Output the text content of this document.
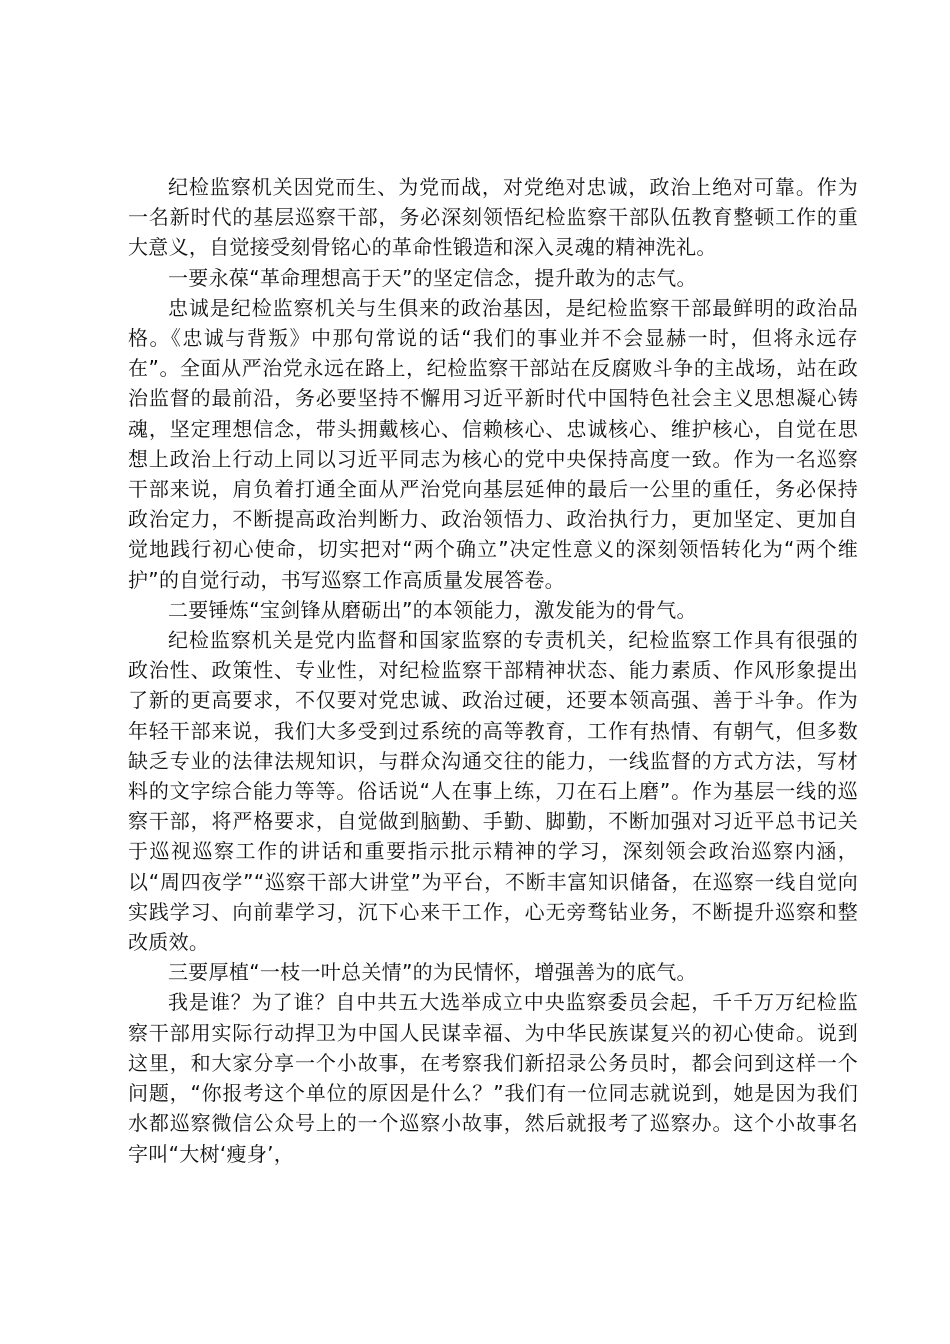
纪检监察机关因党而生、为党而战，对党绝对忠诚，政治上绝对可靠。作为一名新时代的基层巡察干部，务必深刻领悟纪检监察干部队伍教育整顿工作的重大意义，自觉接受刻骨铭心的革命性锻造和深入灵魂的精神洗礼。

一要永葆“革命理想高于天”的坚定信念，提升敢为的志气。

忠诚是纪检监察机关与生俱来的政治基因，是纪检监察干部最鲜明的政治品格。《忠诚与背叛》中那句常说的话“我们的事业并不会显赫一时，但将永远存在”。全面从严治党永远在路上，纪检监察干部站在反腐败斗争的主战场，站在政治监督的最前沿，务必要坚持不懈用习近平新时代中国特色社会主义思想凝心铸魂，坚定理想信念，带头拥戴核心、信赖核心、忠诚核心、维护核心，自觉在思想上政治上行动上同以习近平同志为核心的党中央保持高度一致。作为一名巡察干部来说，肩负着打通全面从严治党向基层延伸的最后一公里的重任，务必保持政治定力，不断提高政治判断力、政治领悟力、政治执行力，更加坚定、更加自觉地践行初心使命，切实把对“两个确立”决定性意义的深刻领悟转化为“两个维护”的自觉行动，书写巡察工作高质量发展答卷。

二要锤炼“宝剑锋从磨砺出”的本领能力，激发能为的骨气。

纪检监察机关是党内监督和国家监察的专责机关，纪检监察工作具有很强的政治性、政策性、专业性，对纪检监察干部精神状态、能力素质、作风形象提出了新的更高要求，不仅要对党忠诚、政治过硬，还要本领高强、善于斗争。作为年轻干部来说，我们大多受到过系统的高等教育，工作有热情、有朝气，但多数缺乏专业的法律法规知识，与群众沟通交往的能力，一线监督的方式方法，写材料的文字综合能力等等。俗话说“人在事上练，刀在石上磨”。作为基层一线的巡察干部，将严格要求，自觉做到脑勤、手勤、脚勤，不断加强对习近平总书记关于巡视巡察工作的讲话和重要指示批示精神的学习，深刻领会政治巡察内涵，以“周四夜学”“巡察干部大讲堂”为平台，不断丰富知识储备，在巡察一线自觉向实践学习、向前辈学习，沉下心来干工作，心无旁骛钻业务，不断提升巡察和整改质效。

三要厚植“一枝一叶总关情”的为民情怀，增强善为的底气。

我是谁？为了谁？自中共五大选举成立中央监察委员会起，千千万万纪检监察干部用实际行动捍卫为中国人民谋幸福、为中华民族谋复兴的初心使命。说到这里，和大家分享一个小故事，在考察我们新招录公务员时，都会问到这样一个问题，“你报考这个单位的原因是什么？”我们有一位同志就说到，她是因为我们水都巡察微信公众号上的一个巡察小故事，然后就报考了巡察办。这个小故事名字叫“大树‘瘦身’，
